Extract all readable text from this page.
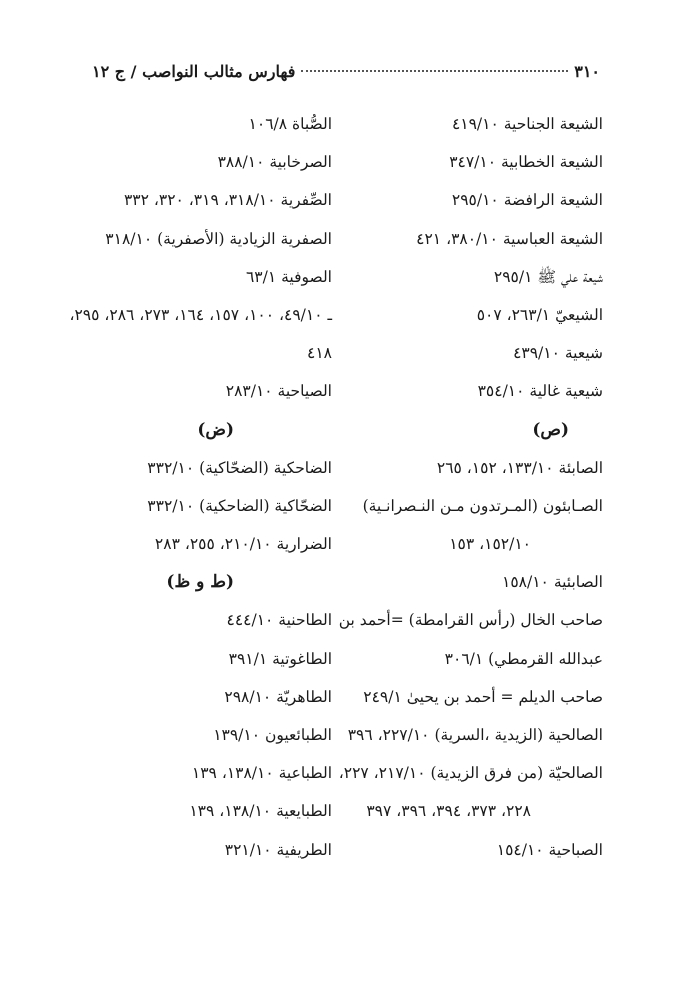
٣١٠
فهارس مثالب النواصب / ج ١٢
الشيعة الجناحية ٤١٩/١٠
الشيعة الخطابية ٣٤٧/١٠
الشيعة الرافضة ٢٩٥/١٠
الشيعة العباسية ٣٨٠/١٠، ٤٢١
شيعة علي ﷺ ٢٩٥/١
الشيعيّ ٢٦٣/١، ٥٠٧
شيعية ٤٣٩/١٠
شيعية غالية ٣٥٤/١٠
(ص)
الصابئة ١٣٣/١٠، ١٥٢، ٢٦٥
الصـابئون (المـرتدون مـن النـصرانـية)
١٥٢/١٠، ١٥٣
الصابئية ١٥٨/١٠
صاحب الخال (رأس القرامطة) =أحمد بن
عبدالله القرمطي) ٣٠٦/١
صاحب الديلم = أحمد بن يحيىٰ ٢٤٩/١
الصالحية (الزيدية ،السرية) ٢٢٧/١٠، ٣٩٦
الصالحيّة (من فرق الزيدية) ٢١٧/١٠، ٢٢٧،
٢٢٨، ٣٧٣، ٣٩٤، ٣٩٦، ٣٩٧
الصباحية ١٥٤/١٠
الصُّباة ١٠٦/٨
الصرخابية ٣٨٨/١٠
الصِّفرية ٣١٨/١٠، ٣١٩، ٣٢٠، ٣٣٢
الصفرية الزيادية (الأصفرية) ٣١٨/١٠
الصوفية ٦٣/١
ـ ٤٩/١٠، ١٠٠، ١٥٧، ١٦٤، ٢٧٣، ٢٨٦، ٢٩٥،
٤١٨
الصياحية ٢٨٣/١٠
(ض)
الضاحكية (الضحّاكية) ٣٣٢/١٠
الضحّاكية (الضاحكية) ٣٣٢/١٠
الضرارية ٢١٠/١٠، ٢٥٥، ٢٨٣
(ط و ظ)
الطاحنية ٤٤٤/١٠
الطاغوتية ٣٩١/١
الطاهريّة ٢٩٨/١٠
الطبائعيون ١٣٩/١٠
الطباعية ١٣٨/١٠، ١٣٩
الطبايعية ١٣٨/١٠، ١٣٩
الطريفية ٣٢١/١٠
